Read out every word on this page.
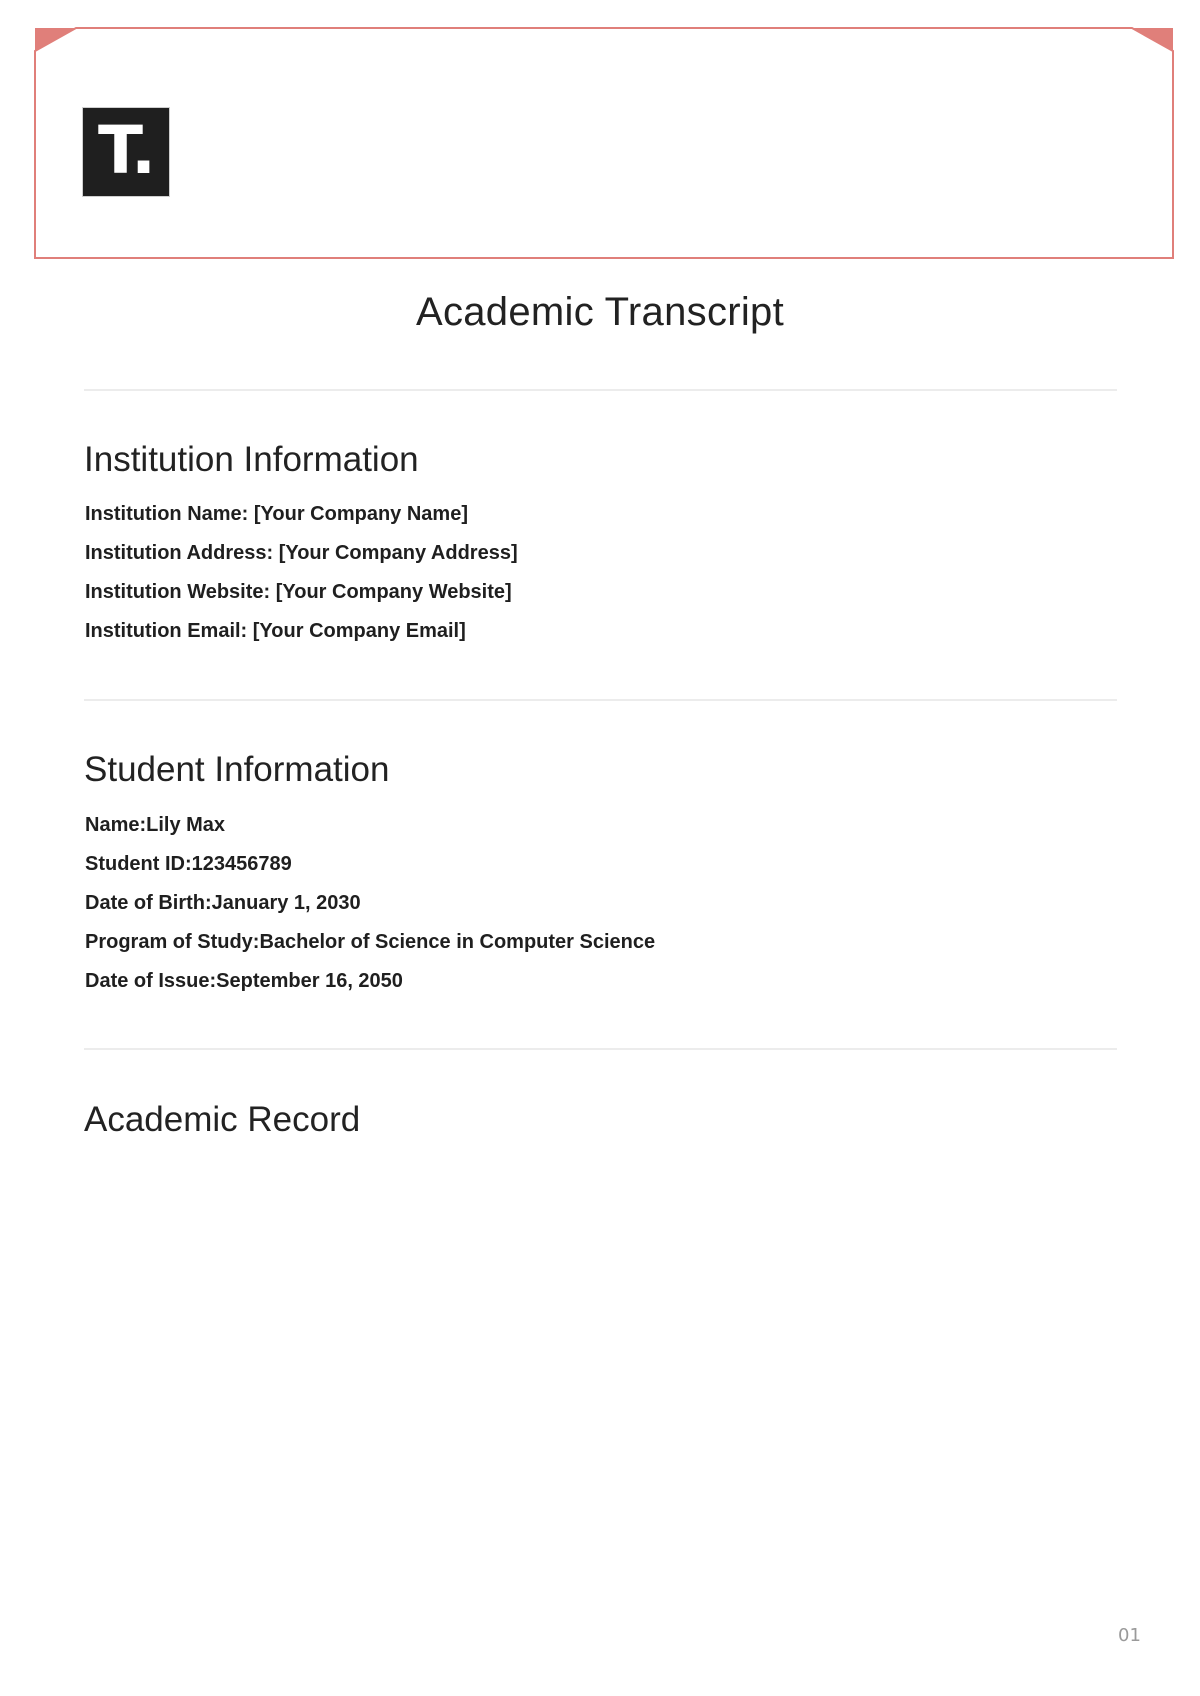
T.
Academic Transcript
Institution Information
Institution Name: [Your Company Name]
Institution Address: [Your Company Address]
Institution Website: [Your Company Website]
Institution Email: [Your Company Email]
Student Information
Name:Lily Max
Student ID:123456789
Date of Birth:January 1, 2030
Program of Study:Bachelor of Science in Computer Science
Date of Issue:September 16, 2050
Academic Record
01
